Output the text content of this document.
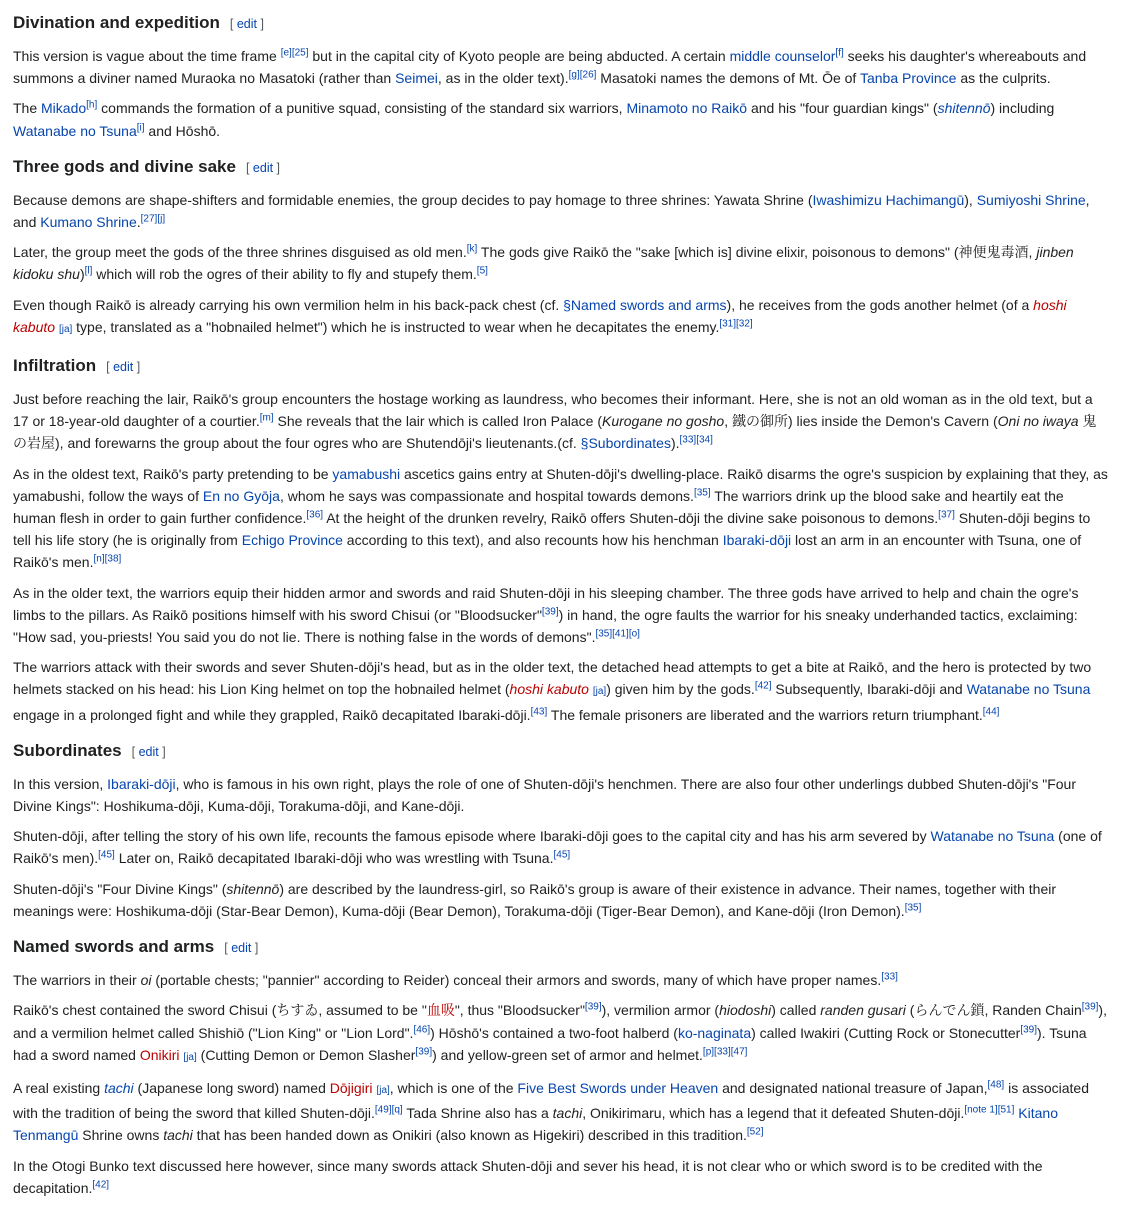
Divination and expedition [ edit ]

This version is vague about the time frame [e][25] but in the capital city of Kyoto people are being abducted. A certain middle counselor[f] seeks his daughter's whereabouts and summons a diviner named Muraoka no Masatoki (rather than Seimei, as in the older text).[g][26] Masatoki names the demons of Mt. Ōe of Tanba Province as the culprits.

The Mikado[h] commands the formation of a punitive squad, consisting of the standard six warriors, Minamoto no Raikō and his "four guardian kings" (shitennō) including Watanabe no Tsuna[i] and Hōshō.

Three gods and divine sake [ edit ]

Because demons are shape-shifters and formidable enemies, the group decides to pay homage to three shrines: Yawata Shrine (Iwashimizu Hachimangū), Sumiyoshi Shrine, and Kumano Shrine.[27][j]

Later, the group meet the gods of the three shrines disguised as old men.[k] The gods give Raikō the "sake [which is] divine elixir, poisonous to demons" (神便鬼毒酒, jinben kidoku shu)[l] which will rob the ogres of their ability to fly and stupefy them.[5]

Even though Raikō is already carrying his own vermilion helm in his back-pack chest (cf. §Named swords and arms), he receives from the gods another helmet (of a hoshi kabuto [ja] type, translated as a "hobnailed helmet") which he is instructed to wear when he decapitates the enemy.[31][32]

Infiltration [ edit ]

Just before reaching the lair, Raikō's group encounters the hostage working as laundress, who becomes their informant. Here, she is not an old woman as in the old text, but a 17 or 18-year-old daughter of a courtier.[m] She reveals that the lair which is called Iron Palace (Kurogane no gosho, 鐵の御所) lies inside the Demon's Cavern (Oni no iwaya 鬼の岩屋), and forewarns the group about the four ogres who are Shutendōji's lieutenants.(cf. §Subordinates).[33][34]

As in the oldest text, Raikō's party pretending to be yamabushi ascetics gains entry at Shuten-dōji's dwelling-place. Raikō disarms the ogre's suspicion by explaining that they, as yamabushi, follow the ways of En no Gyōja, whom he says was compassionate and hospital towards demons.[35] The warriors drink up the blood sake and heartily eat the human flesh in order to gain further confidence.[36] At the height of the drunken revelry, Raikō offers Shuten-dōji the divine sake poisonous to demons.[37] Shuten-dōji begins to tell his life story (he is originally from Echigo Province according to this text), and also recounts how his henchman Ibaraki-dōji lost an arm in an encounter with Tsuna, one of Raikō's men.[n][38]

As in the older text, the warriors equip their hidden armor and swords and raid Shuten-dōji in his sleeping chamber. The three gods have arrived to help and chain the ogre's limbs to the pillars. As Raikō positions himself with his sword Chisui (or "Bloodsucker"[39]) in hand, the ogre faults the warrior for his sneaky underhanded tactics, exclaiming: "How sad, you-priests! You said you do not lie. There is nothing false in the words of demons".[35][41][o]

The warriors attack with their swords and sever Shuten-dōji's head, but as in the older text, the detached head attempts to get a bite at Raikō, and the hero is protected by two helmets stacked on his head: his Lion King helmet on top the hobnailed helmet (hoshi kabuto [ja]) given him by the gods.[42] Subsequently, Ibaraki-dōji and Watanabe no Tsuna engage in a prolonged fight and while they grappled, Raikō decapitated Ibaraki-dōji.[43] The female prisoners are liberated and the warriors return triumphant.[44]

Subordinates [ edit ]

In this version, Ibaraki-dōji, who is famous in his own right, plays the role of one of Shuten-dōji's henchmen. There are also four other underlings dubbed Shuten-dōji's "Four Divine Kings": Hoshikuma-dōji, Kuma-dōji, Torakuma-dōji, and Kane-dōji.

Shuten-dōji, after telling the story of his own life, recounts the famous episode where Ibaraki-dōji goes to the capital city and has his arm severed by Watanabe no Tsuna (one of Raikō's men).[45] Later on, Raikō decapitated Ibaraki-dōji who was wrestling with Tsuna.[45]

Shuten-dōji's "Four Divine Kings" (shitennō) are described by the laundress-girl, so Raikō's group is aware of their existence in advance. Their names, together with their meanings were: Hoshikuma-dōji (Star-Bear Demon), Kuma-dōji (Bear Demon), Torakuma-dōji (Tiger-Bear Demon), and Kane-dōji (Iron Demon).[35]

Named swords and arms [ edit ]

The warriors in their oi (portable chests; "pannier" according to Reider) conceal their armors and swords, many of which have proper names.[33]

Raikō's chest contained the sword Chisui (ちすゐ, assumed to be "血吸", thus "Bloodsucker"[39]), vermilion armor (hiodoshi) called randen gusari (らんでん鎖, Randen Chain[39]), and a vermilion helmet called Shishiō ("Lion King" or "Lion Lord".[46]) Hōshō's contained a two-foot halberd (ko-naginata) called Iwakiri (Cutting Rock or Stonecutter[39]). Tsuna had a sword named Onikiri [ja] (Cutting Demon or Demon Slasher[39]) and yellow-green set of armor and helmet.[p][33][47]

A real existing tachi (Japanese long sword) named Dōjigiri [ja], which is one of the Five Best Swords under Heaven and designated national treasure of Japan,[48] is associated with the tradition of being the sword that killed Shuten-dōji.[49][q] Tada Shrine also has a tachi, Onikirimaru, which has a legend that it defeated Shuten-dōji.[note 1][51] Kitano Tenmangū Shrine owns tachi that has been handed down as Onikiri (also known as Higekiri) described in this tradition.[52]

In the Otogi Bunko text discussed here however, since many swords attack Shuten-dōji and sever his head, it is not clear who or which sword is to be credited with the decapitation.[42]
